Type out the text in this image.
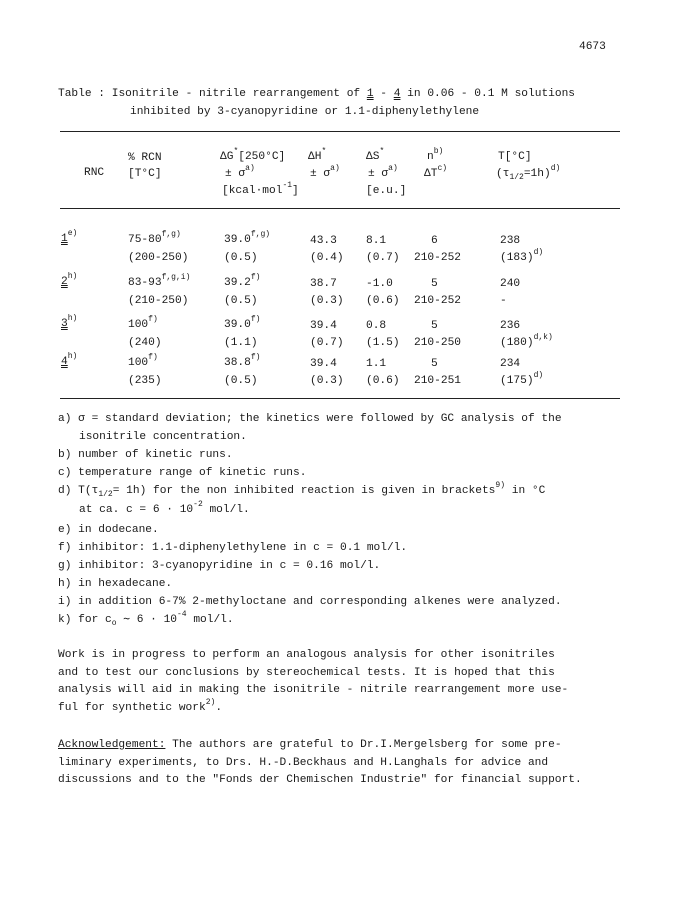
4673
Table : Isonitrile - nitrile rearrangement of 1 - 4 in 0.06 - 0.1 M solutions
inhibited by 3-cyanopyridine or 1.1-diphenylethylene
RNC
% RCN
[T°C]
ΔG*[250°C]
± $\sigma^{a)}$
[kcal·mol$^{-1}$]
ΔH*
± $\sigma^{a)}$
ΔS*
± $\sigma^{a)}$
[e.u.]
$n^{b)}$
ΔT$^{c)}$
T[°C]
$(\tau_{1/2}=1h)^{d)}$
1$^{e)}$
75-80$^{f,g)}$
(200-250)
39.0$^{f,g)}$
(0.5)
43.3
(0.4)
8.1
(0.7)
6
210-252
238
$(183)^{d)}$
2$^{h)}$
83-93$^{f,g,i)}$
(210-250)
39.2$^{f)}$
(0.5)
38.7
(0.3)
-1.0
(0.6)
5
210-252
240
-
3$^{h)}$
100$^{f)}$
(240)
39.0$^{f)}$
(1.1)
39.4
(0.7)
0.8
(1.5)
5
210-250
236
$(180)^{d,k)}$
4$^{h)}$
100$^{f)}$
(235)
38.8$^{f)}$
(0.5)
39.4
(0.3)
1.1
(0.6)
5
210-251
234
$(175)^{d)}$
a) σ = standard deviation; the kinetics were followed by GC analysis of the
isonitrile concentration.
b) number of kinetic runs.
c) temperature range of kinetic runs.
d) $T(\tau_{1/2}= 1h)$ for the non inhibited reaction is given in brackets$^{9)}$ in °C
at ca. $c = 6 \cdot 10^{-2}$ mol/l.
e) in dodecane.
f) inhibitor: 1.1-diphenylethylene in c = 0.1 mol/l.
g) inhibitor: 3-cyanopyridine in c = 0.16 mol/l.
h) in hexadecane.
i) in addition 6-7% 2-methyloctane and corresponding alkenes were analyzed.
k) for $c_o$ ∼ $6 \cdot 10^{-4}$ mol/l.
Work is in progress to perform an analogous analysis for other isonitriles
and to test our conclusions by stereochemical tests. It is hoped that this
analysis will aid in making the isonitrile - nitrile rearrangement more use-
ful for synthetic work$^{2)}$.
Acknowledgement: The authors are grateful to Dr.I.Mergelsberg for some pre-
liminary experiments, to Drs. H.-D.Beckhaus and H.Langhals for advice and
discussions and to the "Fonds der Chemischen Industrie" for financial support.
